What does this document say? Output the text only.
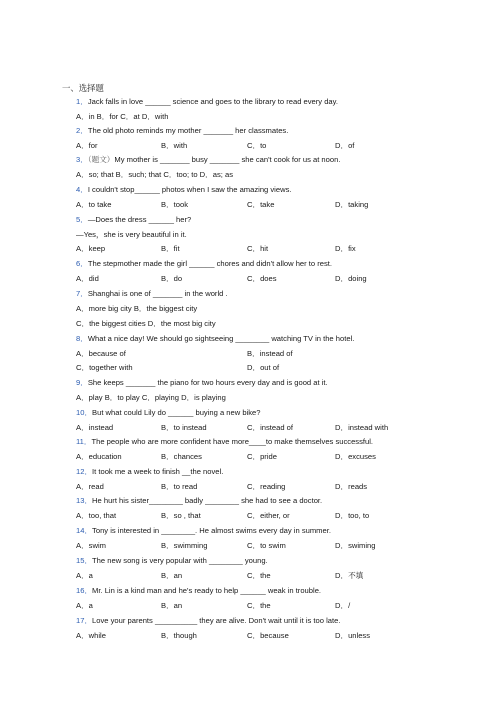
一、选择题
1．Jack falls in love ______ science and goes to the library to read every day.
A．in B．for C．at D．with
2．The old photo reminds my mother _______ her classmates.
A．for	B．with	C．to	D．of
3．（题文）My mother is _______ busy _______ she can't cook for us at noon.
A．so; that B．such; that C．too; to D．as; as
4．I couldn't stop______ photos when I saw the amazing views.
A．to take	B．took	C．take	D．taking
5．—Does the dress ______ her?
—Yes，she is very beautiful in it.
A．keep	B．fit	C．hit	D．fix
6．The stepmother made the girl ______ chores and didn't allow her to rest.
A．did	B．do	C．does	D．doing
7．Shanghai is one of _______ in the world .
A．more big city B．the biggest city
C．the biggest cities D．the most big city
8．What a nice day! We should go sightseeing ________ watching TV in the hotel.
A．because of	B．instead of
C．together with	D．out of
9．She keeps _______ the piano for two hours every day and is good at it.
A．play B．to play C．playing D．is playing
10．But what could Lily do ______ buying a new bike?
A．instead	B．to instead	C．instead of	D．instead with
11．The people who are more confident have more____to make themselves successful.
A．education	B．chances	C．pride	D．excuses
12．It took me a week to finish __the novel.
A．read	B．to read	C．reading	D．reads
13．He hurt his sister________ badly ________ she had to see a doctor.
A．too, that	B．so , that	C．either, or	D．too, to
14．Tony is interested in ________. He almost swims every day in summer.
A．swim	B．swimming	C．to swim	D．swiming
15．The new song is very popular with ________ young.
A．a	B．an	C．the	D．不填
16．Mr. Lin is a kind man and he's ready to help ______ weak in trouble.
A．a	B．an	C．the	D．/
17．Love your parents __________ they are alive. Don't wait until it is too late.
A．while	B．though	C．because	D．unless
